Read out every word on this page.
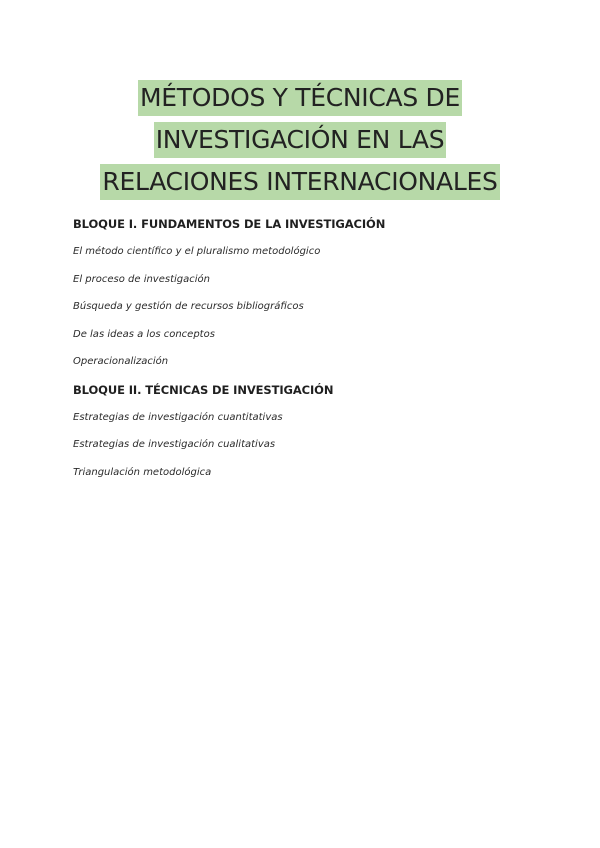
MÉTODOS Y TÉCNICAS DE
INVESTIGACIÓN EN LAS
RELACIONES INTERNACIONALES
BLOQUE I. FUNDAMENTOS DE LA INVESTIGACIÓN
El método científico y el pluralismo metodológico
El proceso de investigación
Búsqueda y gestión de recursos bibliográficos
De las ideas a los conceptos
Operacionalización
BLOQUE II. TÉCNICAS DE INVESTIGACIÓN
Estrategias de investigación cuantitativas
Estrategias de investigación cualitativas
Triangulación metodológica
